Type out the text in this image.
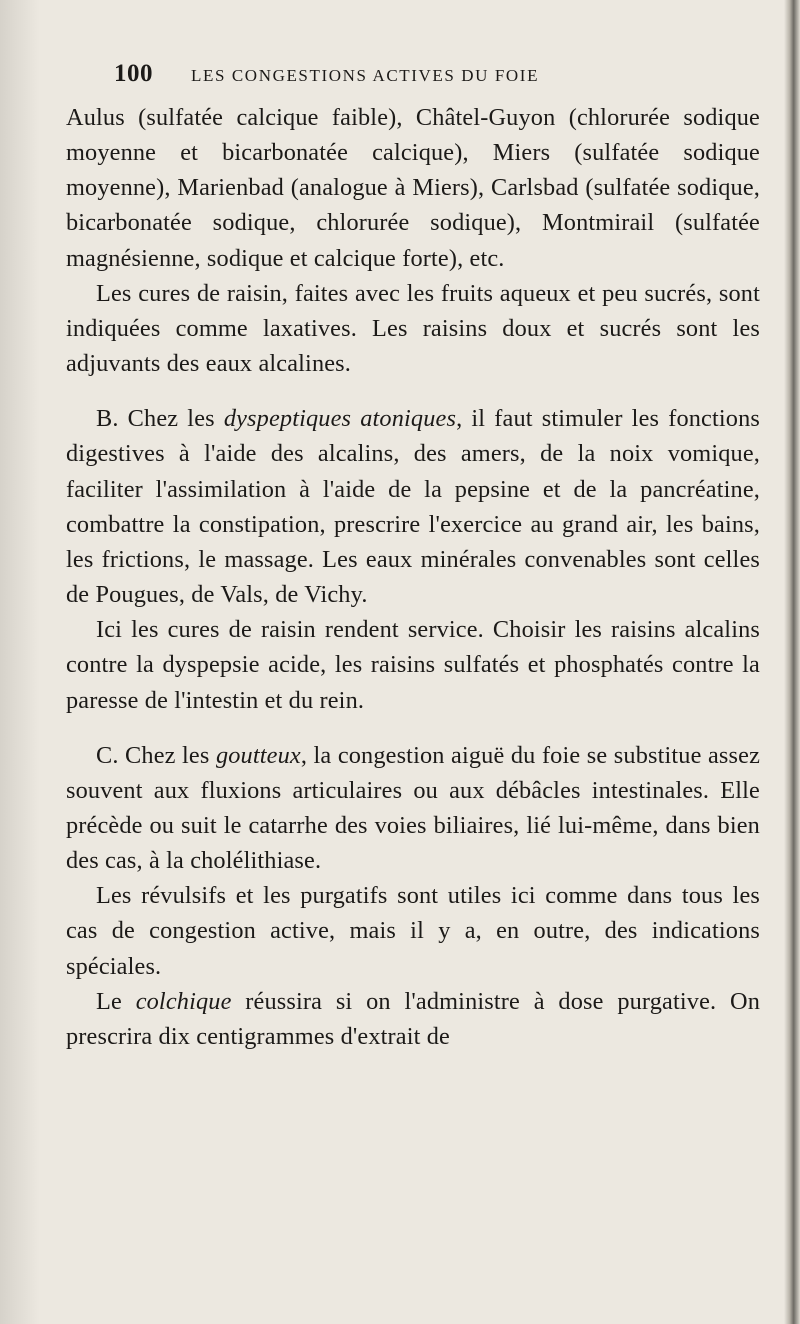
100 LES CONGESTIONS ACTIVES DU FOIE

Aulus (sulfatée calcique faible), Châtel-Guyon (chlorurée sodique moyenne et bicarbonatée calcique), Miers (sulfatée sodique moyenne), Marienbad (analogue à Miers), Carlsbad (sulfatée sodique, bicarbonatée sodique, chlorurée sodique), Montmirail (sulfatée magnésienne, sodique et calcique forte), etc.

Les cures de raisin, faites avec les fruits aqueux et peu sucrés, sont indiquées comme laxatives. Les raisins doux et sucrés sont les adjuvants des eaux alcalines.

B. Chez les dyspeptiques atoniques, il faut stimuler les fonctions digestives à l'aide des alcalins, des amers, de la noix vomique, faciliter l'assimilation à l'aide de la pepsine et de la pancréatine, combattre la constipation, prescrire l'exercice au grand air, les bains, les frictions, le massage. Les eaux minérales convenables sont celles de Pougues, de Vals, de Vichy.

Ici les cures de raisin rendent service. Choisir les raisins alcalins contre la dyspepsie acide, les raisins sulfatés et phosphatés contre la paresse de l'intestin et du rein.

C. Chez les goutteux, la congestion aiguë du foie se substitue assez souvent aux fluxions articulaires ou aux débâcles intestinales. Elle précède ou suit le catarrhe des voies biliaires, lié lui-même, dans bien des cas, à la cholélithiase.

Les révulsifs et les purgatifs sont utiles ici comme dans tous les cas de congestion active, mais il y a, en outre, des indications spéciales.

Le colchique réussira si on l'administre à dose purgative. On prescrira dix centigrammes d'extrait de
